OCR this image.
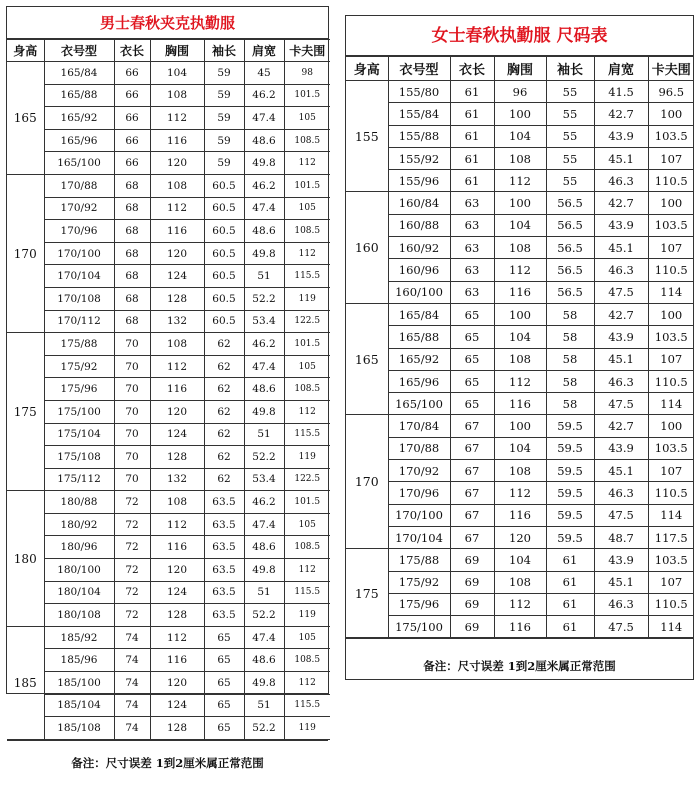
男士春秋夹克执勤服
身高	衣号型	衣长	胸围	袖长	肩宽	卡夫围
165	165/84	66	104	59	45	98
	165/88	66	108	59	46.2	101.5
	165/92	66	112	59	47.4	105
	165/96	66	116	59	48.6	108.5
	165/100	66	120	59	49.8	112
170	170/88	68	108	60.5	46.2	101.5
	170/92	68	112	60.5	47.4	105
	170/96	68	116	60.5	48.6	108.5
	170/100	68	120	60.5	49.8	112
	170/104	68	124	60.5	51	115.5
	170/108	68	128	60.5	52.2	119
	170/112	68	132	60.5	53.4	122.5
175	175/88	70	108	62	46.2	101.5
	175/92	70	112	62	47.4	105
	175/96	70	116	62	48.6	108.5
	175/100	70	120	62	49.8	112
	175/104	70	124	62	51	115.5
	175/108	70	128	62	52.2	119
	175/112	70	132	62	53.4	122.5
180	180/88	72	108	63.5	46.2	101.5
	180/92	72	112	63.5	47.4	105
	180/96	72	116	63.5	48.6	108.5
	180/100	72	120	63.5	49.8	112
	180/104	72	124	63.5	51	115.5
	180/108	72	128	63.5	52.2	119
185	185/92	74	112	65	47.4	105
	185/96	74	116	65	48.6	108.5
	185/100	74	120	65	49.8	112
	185/104	74	124	65	51	115.5
	185/108	74	128	65	52.2	119
备注：尺寸误差 1到2厘米属正常范围
女士春秋执勤服 尺码表
身高	衣号型	衣长	胸围	袖长	肩宽	卡夫围
155	155/80	61	96	55	41.5	96.5
	155/84	61	100	55	42.7	100
	155/88	61	104	55	43.9	103.5
	155/92	61	108	55	45.1	107
	155/96	61	112	55	46.3	110.5
160	160/84	63	100	56.5	42.7	100
	160/88	63	104	56.5	43.9	103.5
	160/92	63	108	56.5	45.1	107
	160/96	63	112	56.5	46.3	110.5
	160/100	63	116	56.5	47.5	114
165	165/84	65	100	58	42.7	100
	165/88	65	104	58	43.9	103.5
	165/92	65	108	58	45.1	107
	165/96	65	112	58	46.3	110.5
	165/100	65	116	58	47.5	114
170	170/84	67	100	59.5	42.7	100
	170/88	67	104	59.5	43.9	103.5
	170/92	67	108	59.5	45.1	107
	170/96	67	112	59.5	46.3	110.5
	170/100	67	116	59.5	47.5	114
	170/104	67	120	59.5	48.7	117.5
175	175/88	69	104	61	43.9	103.5
	175/92	69	108	61	45.1	107
	175/96	69	112	61	46.3	110.5
	175/100	69	116	61	47.5	114
备注：尺寸误差 1到2厘米属正常范围
